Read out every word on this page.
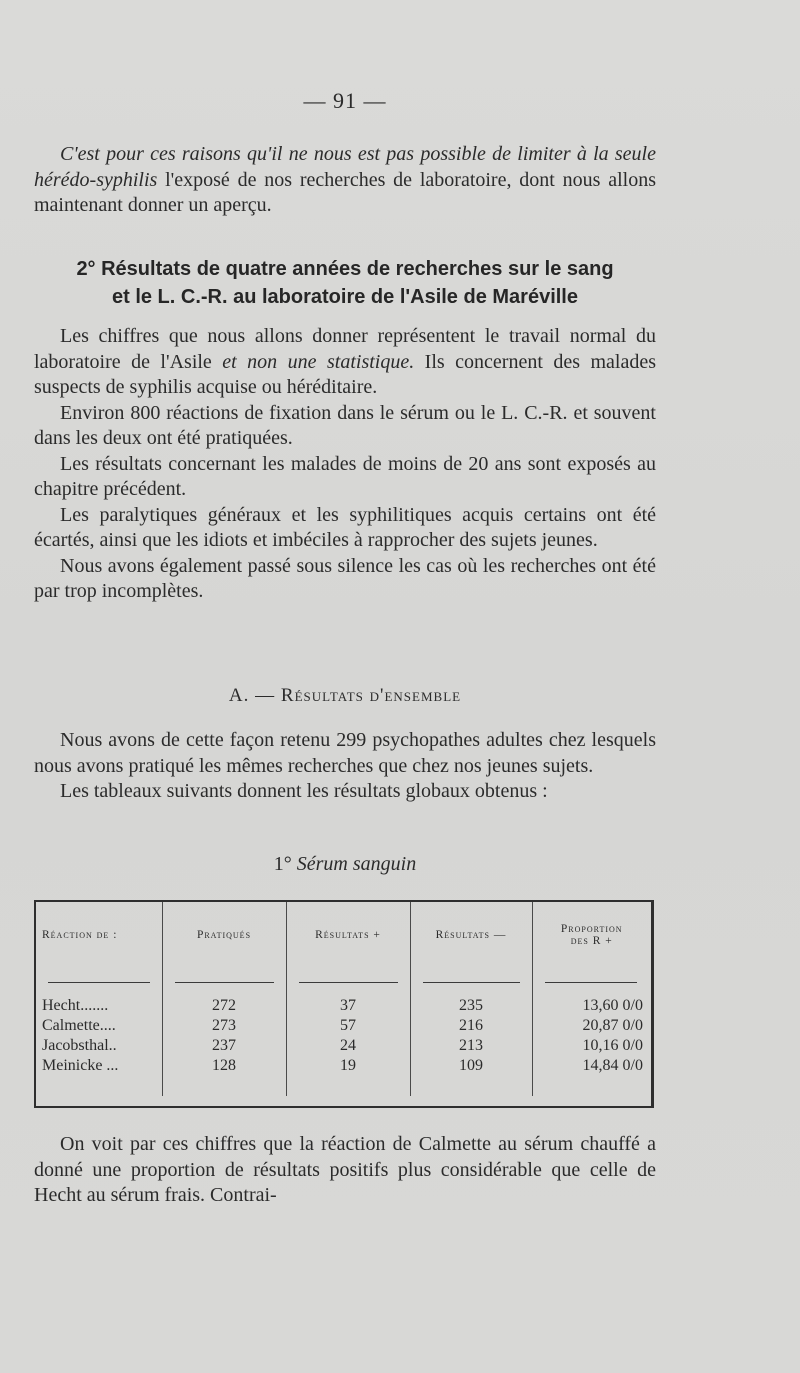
— 91 —

C'est pour ces raisons qu'il ne nous est pas possible de limiter à la seule hérédo-syphilis l'exposé de nos recherches de laboratoire, dont nous allons maintenant donner un aperçu.

2° Résultats de quatre années de recherches sur le sang
et le L. C.-R. au laboratoire de l'Asile de Maréville

Les chiffres que nous allons donner représentent le travail normal du laboratoire de l'Asile et non une statistique. Ils concernent des malades suspects de syphilis acquise ou héréditaire.

Environ 800 réactions de fixation dans le sérum ou le L. C.-R. et souvent dans les deux ont été pratiquées.

Les résultats concernant les malades de moins de 20 ans sont exposés au chapitre précédent.

Les paralytiques généraux et les syphilitiques acquis certains ont été écartés, ainsi que les idiots et imbéciles à rapprocher des sujets jeunes.

Nous avons également passé sous silence les cas où les recherches ont été par trop incomplètes.

A. — Résultats d'ensemble

Nous avons de cette façon retenu 299 psychopathes adultes chez lesquels nous avons pratiqué les mêmes recherches que chez nos jeunes sujets.

Les tableaux suivants donnent les résultats globaux obtenus :

1° Sérum sanguin
Réaction de :	Pratiqués	Résultats +	Résultats —	Proportion
des R +

Hecht.......	272	37	235	13,60 0/0
Calmette....	273	57	216	20,87 0/0
Jacobsthal..	237	24	213	10,16 0/0
Meinicke ...	128	19	109	14,84 0/0

On voit par ces chiffres que la réaction de Calmette au sérum chauffé a donné une proportion de résultats positifs plus considérable que celle de Hecht au sérum frais. Contrai-
